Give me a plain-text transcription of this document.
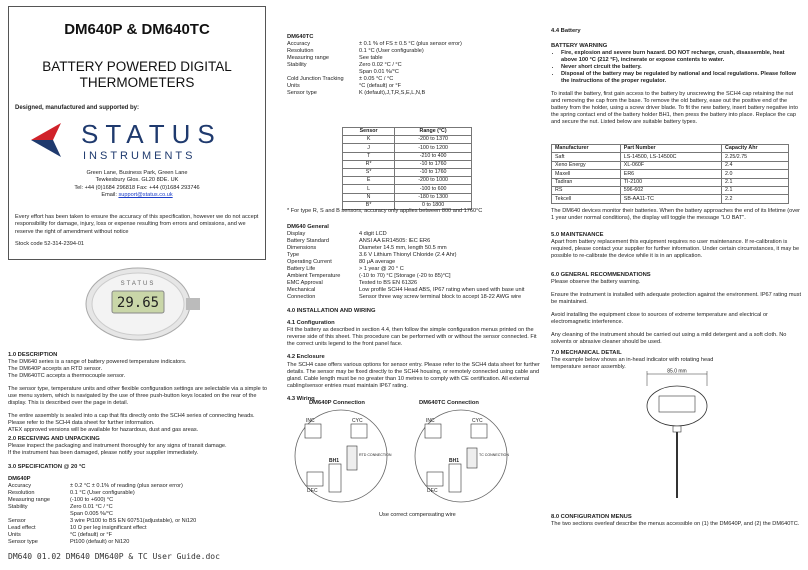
DM640P & DM640TC
BATTERY POWERED DIGITAL
THERMOMETERS
Designed, manufactured and supported by:
STATUS
INSTRUMENTS
Green Lane, Business Park, Green Lane
Tewkesbury Glos. GL20 8DE. UK
Tel: +44 (0)1684 296818 Fax: +44 (0)1684 293746
Email: support@status.co.uk
Every effort has been taken to ensure the accuracy of this specification, however we do not accept responsibility for damage, injury, loss or expense resulting from errors and omissions, and we reserve the right of amendment without notice
Stock code 52-314-2394-01
29.65
STATUS
1.0 DESCRIPTION

The DM640 series is a range of battery powered temperature indicators.

The DM640P accepts an RTD sensor.

The DM640TC accepts a thermocouple sensor.

The sensor type, temperature units and other flexible configuration settings are selectable via a simple to use menu system, which is navigated by the use of three push-button keys located on the rear of the display. This is described over the page in detail.

The entire assembly is sealed into a cap that fits directly onto the SCH4 series of connecting heads. Please refer to the SCH4 data sheet for further information.

ATEX approved versions will be available for hazardous, dust and gas areas.

2.0 RECEIVING AND UNPACKING

Please inspect the packaging and instrument thoroughly for any signs of transit damage.

If the instrument has been damaged, please notify your supplier immediately.

3.0 SPECIFICATION @ 20 °C
DM640P
Accuracy	± 0.2 °C ± 0.1% of reading (plus sensor error)
Resolution	0.1 °C (User configurable)
Measuring range	(-100 to +600) °C
Stability	Zero 0.01 °C / °C
Span 0.005 %/°C
Sensor	3 wire Pt100 to BS EN 60751(adjustable), or Ni120
Lead effect	10 Ω per leg insignificant effect
Units	°C (default) or °F
Sensor type	Pt100 (default) or Ni120
DM640 01.02 DM640 DM640P & TC User Guide.doc
DM640TC
Accuracy	± 0.1 % of FS ± 0.5 °C (plus sensor error)
Resolution	0.1 °C (User configurable)
Measuring range	See table
Stability	Zero 0.02 °C / °C
Span 0.01 %/°C
Cold Junction Tracking	± 0.05 °C / °C
Units	°C (default) or °F
Sensor type	K (default),J,T,R,S,E,L,N,B
Sensor	Range (°C)
K	-200 to 1370
J	-100 to 1200
T	-210 to 400
R*	-10 to 1760
S*	-10 to 1760
E	-200 to 1000
L	-100 to 600
N	-180 to 1300
B*	0 to 1800
* For type R, S and B sensors, accuracy only applies between 800 and 1760°C
DM640 General
Display	4 digit LCD
Battery Standard	ANSI AA ER14505: IEC ER6
Dimensions	Diameter 14.5 mm, length 50.5 mm
Type	3.6 V Lithium Thionyl Chloride (2.4 Ahr)
Operating Current	80 μA average
Battery Life	> 1 year @ 20 ° C
Ambient Temperature	(-10 to 70) °C [Storage (-20 to 85)°C]
EMC Approval	Tested to BS EN 61326
Mechanical	Low profile SCH4 Head ABS, IP67 rating when used with base unit
Connection	Sensor three way screw terminal block to accept 18-22 AWG wire
4.0 INSTALLATION AND WIRING
4.1 Configuration

Fit the battery as described in section 4.4, then follow the simple configuration menus printed on the reverse side of this sheet. This procedure can be performed with or without the sensor connected. Fit the correct units legend to the front panel face.

4.2 Enclosure

The SCH4 case offers various options for sensor entry. Please refer to the SCH4 data sheet for further details. The sensor may be fixed directly to the SCH4 housing, or remotely connected using cable and gland. Cable length must be no greater than 10 metres to comply with CE certification. All external cabling/sensor entries must maintain IP67 rating.

4.3 Wiring
DM640P Connection
INC	CYC
DEC
BH1
RTD CONNECTION
DM640TC Connection
INC	CYC
DEC
BH1
TC CONNECTION
Use correct compensating wire
4.4 Battery
BATTERY WARNING
• Fire, explosion and severe burn hazard. DO NOT recharge, crush, disassemble, heat above 100 °C (212 °F), incinerate or expose contents to water.
• Never short circuit the battery.
• Disposal of the battery may be regulated by national and local regulations. Please follow the instructions of the proper regulator.

To install the battery, first gain access to the battery by unscrewing the SCH4 cap retaining the nut and removing the cap from the base. To remove the old battery, ease out the positive end of the battery from the holder, using a screw driver blade. To fit the new battery, insert battery negative into the spring contact end of the battery holder BH1, then press the battery into place. Replace the cap and secure the nut. Listed below are suitable battery types.

Manufacturer	Part Number	Capacity Ahr
Saft	LS-14500, LS-14500C	2.25/2.75
Xeno Energy	XL-060F	2.4
Maxell	ER6	2.0
Tadiran	TI-2100	2.1
RS	596-602	2.1
Tekcell	SB-AA11-TC	2.2
The DM640 devices monitor their batteries. When the battery approaches the end of its lifetime (over 1 year under normal conditions), the display will toggle the message "LO BAT".
5.0 MAINTENANCE

Apart from battery replacement this equipment requires no user maintenance. If re-calibration is required, please contact your supplier for further information. Under certain circumstances, it may be possible to re-calibrate the device while it is in an application.

6.0 GENERAL RECOMMENDATIONS

Please observe the battery warning.

Ensure the instrument is installed with adequate protection against the environment. IP67 rating must be maintained.

Avoid installing the equipment close to sources of extreme temperature and electrical or electromagnetic interference.

Any cleaning of the instrument should be carried out using a mild detergent and a soft cloth. No solvents or abrasive cleaner should be used.

7.0 MECHANICAL DETAIL

The example below shows an in-head indicator with rotating head temperature sensor assembly.

85.0 mm
8.0 CONFIGURATION MENUS

The two sections overleaf describe the menus accessible on (1) the DM640P, and (2) the DM640TC.
